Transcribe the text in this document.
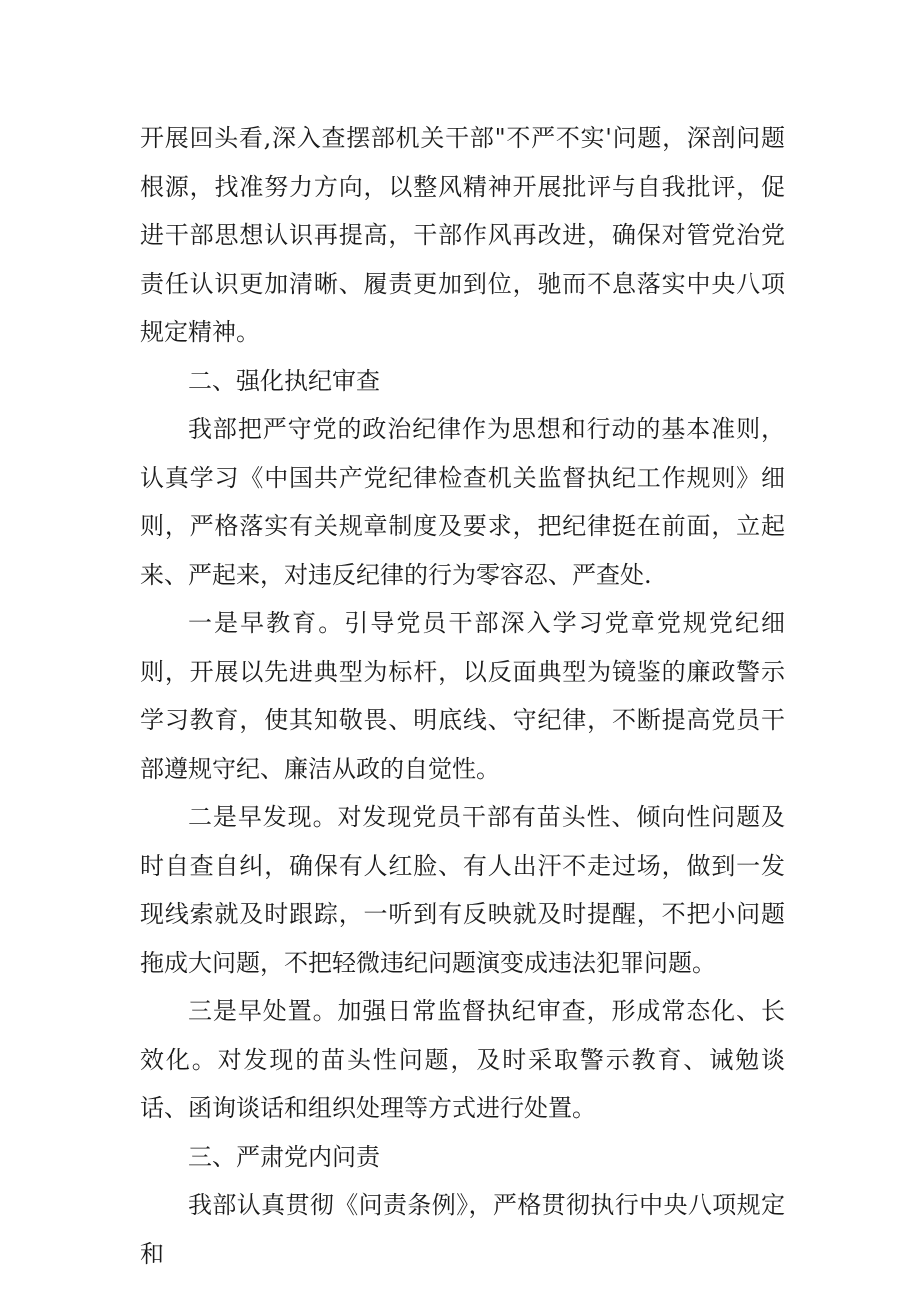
开展回头看,深入查摆部机关干部"不严不实'问题，深剖问题根源，找准努力方向，以整风精神开展批评与自我批评，促进干部思想认识再提高，干部作风再改进，确保对管党治党责任认识更加清晰、履责更加到位，驰而不息落实中央八项规定精神。

二、强化执纪审查

我部把严守党的政治纪律作为思想和行动的基本准则，认真学习《中国共产党纪律检查机关监督执纪工作规则》细则，严格落实有关规章制度及要求，把纪律挺在前面，立起来、严起来，对违反纪律的行为零容忍、严查处.

一是早教育。引导党员干部深入学习党章党规党纪细则，开展以先进典型为标杆，以反面典型为镜鉴的廉政警示学习教育，使其知敬畏、明底线、守纪律，不断提高党员干部遵规守纪、廉洁从政的自觉性。

二是早发现。对发现党员干部有苗头性、倾向性问题及时自查自纠，确保有人红脸、有人出汗不走过场，做到一发现线索就及时跟踪，一听到有反映就及时提醒，不把小问题拖成大问题，不把轻微违纪问题演变成违法犯罪问题。

三是早处置。加强日常监督执纪审查，形成常态化、长效化。对发现的苗头性问题，及时采取警示教育、诫勉谈话、函询谈话和组织处理等方式进行处置。

三、严肃党内问责

我部认真贯彻《问责条例》，严格贯彻执行中央八项规定和
